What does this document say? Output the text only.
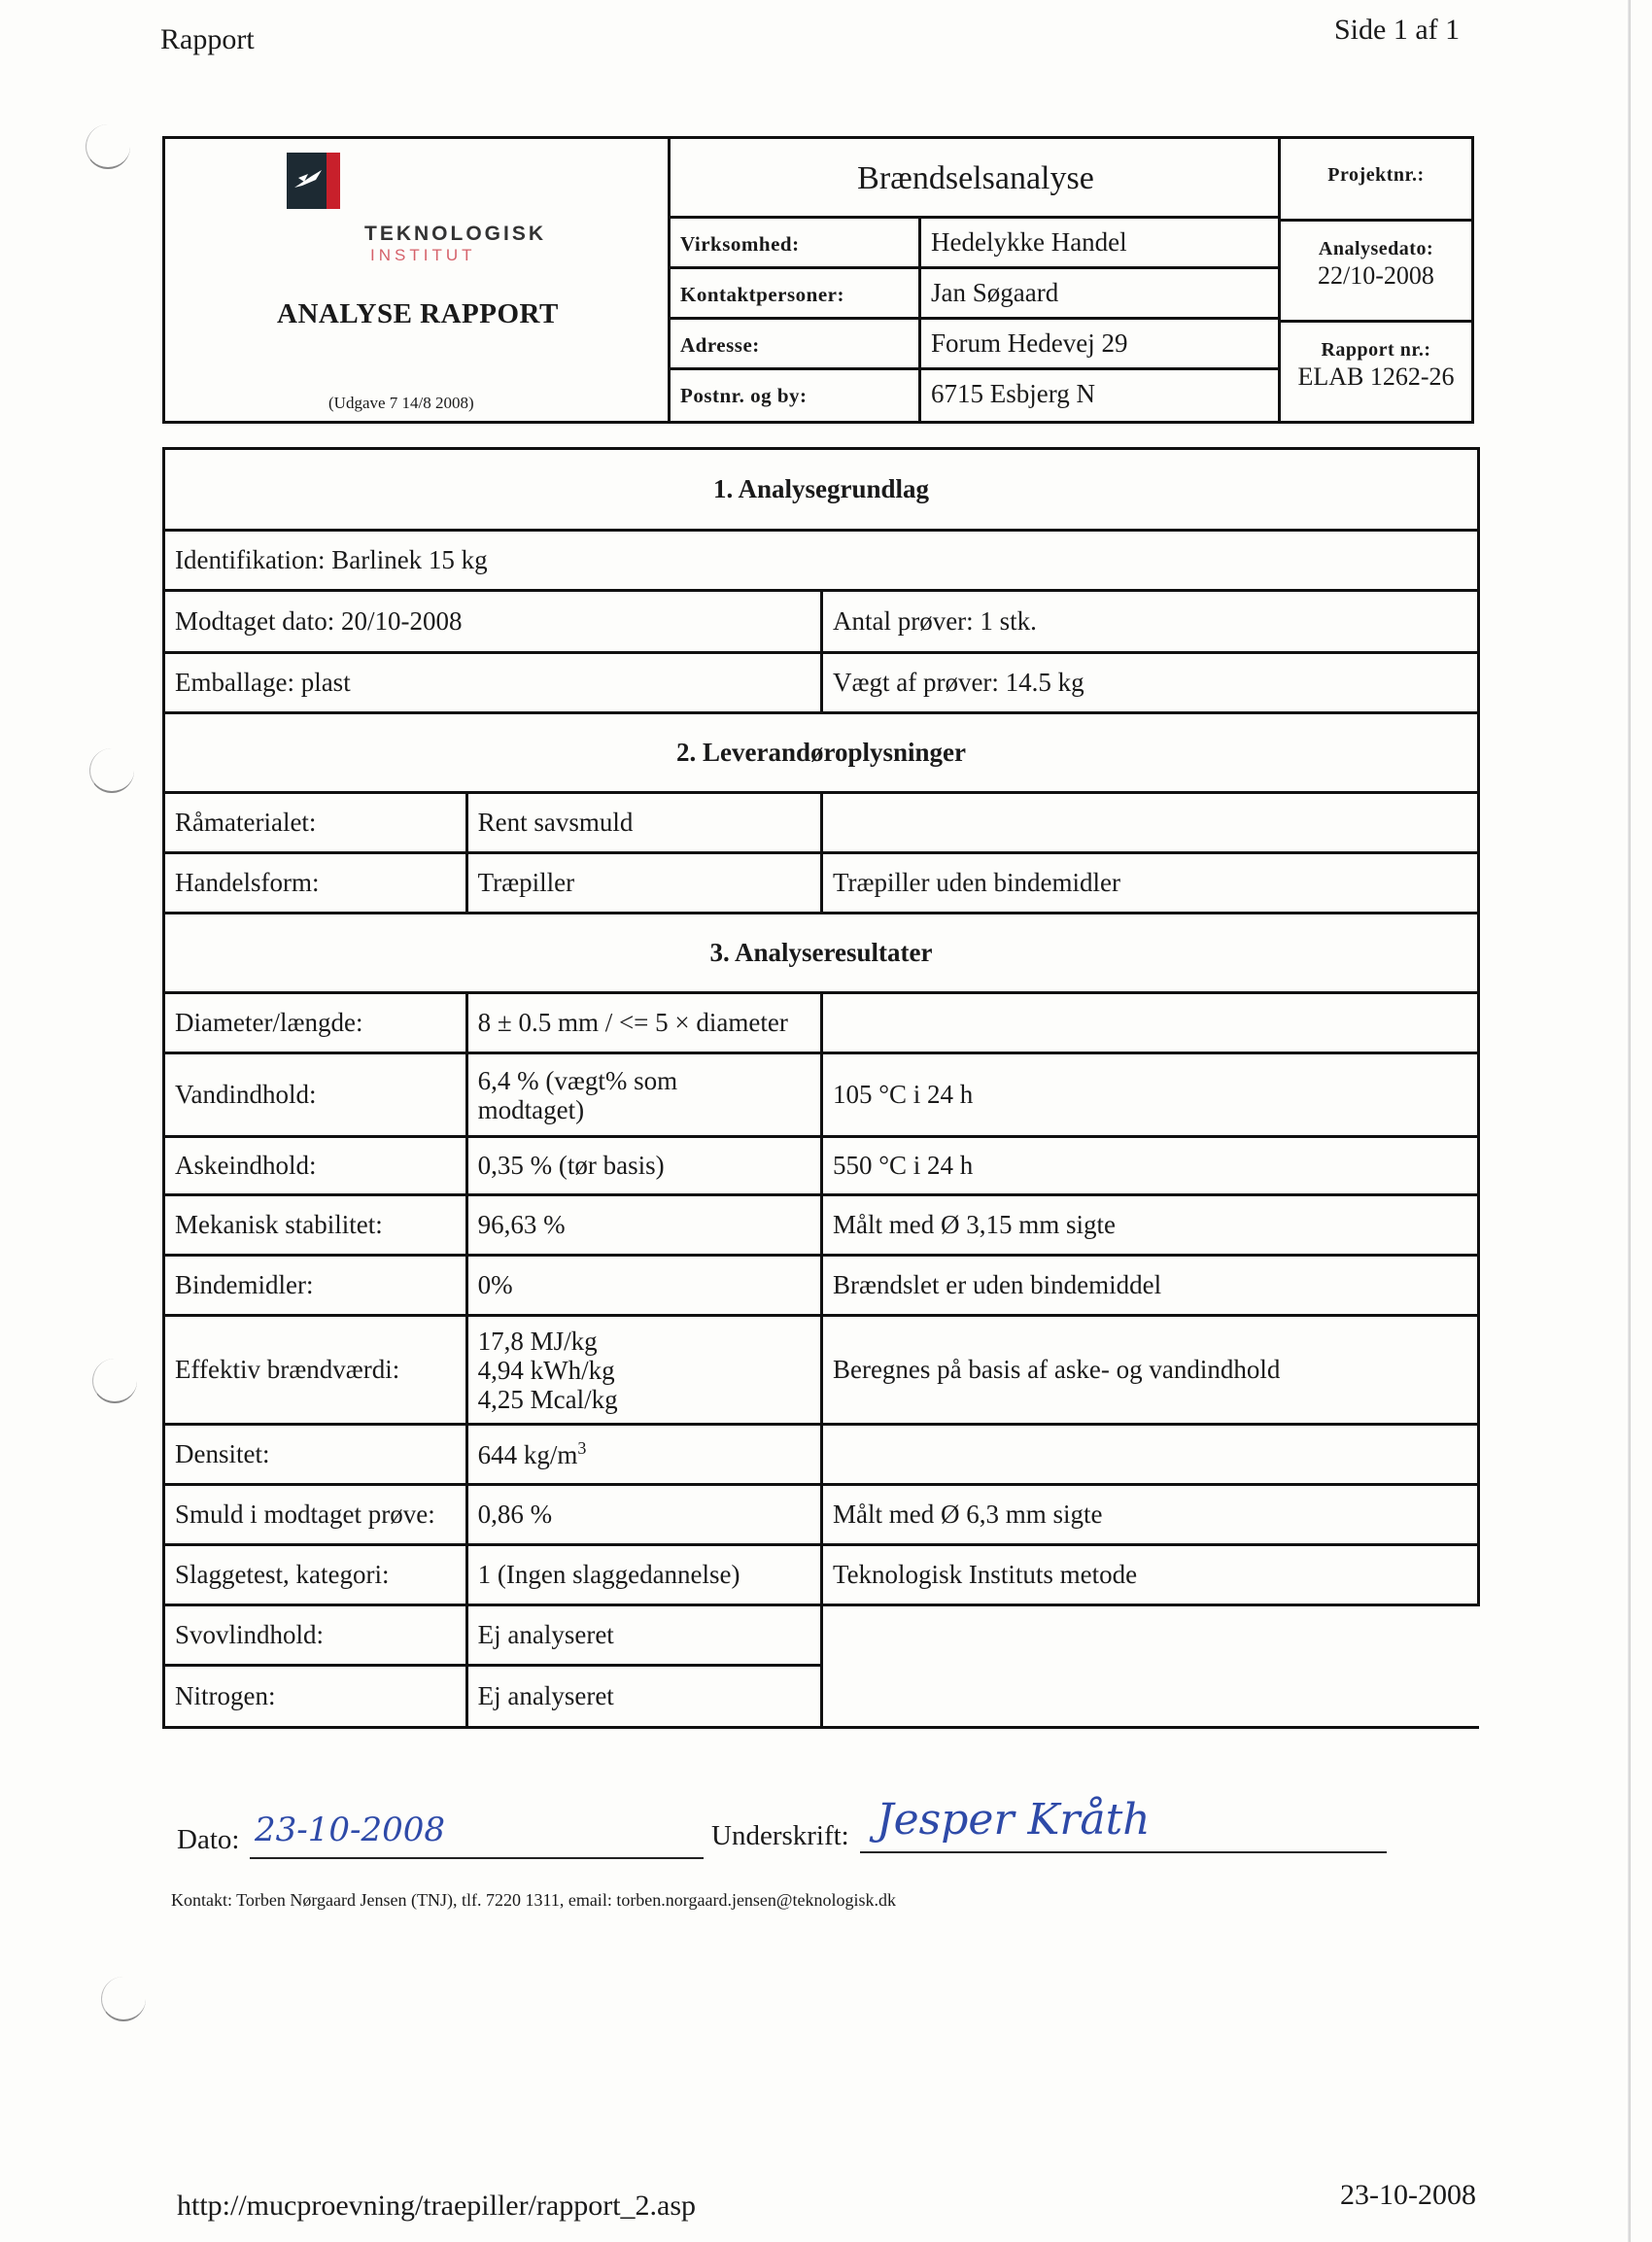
Rapport	Side 1 af 1
TEKNOLOGISK
INSTITUT
ANALYSE RAPPORT
(Udgave 7 14/8 2008)
Brændselsanalyse
Virksomhed:	Hedelykke Handel
Kontaktpersoner:	Jan Søgaard
Adresse:	Forum Hedevej 29
Postnr. og by:	6715 Esbjerg N
Projektnr.:
Analysedato:
22/10-2008
Rapport nr.:
ELAB 1262-26
1. Analysegrundlag		
Identifikation: Barlinek 15 kg		
Modtaget dato: 20/10-2008		Antal prøver: 1 stk.
Emballage: plast		Vægt af prøver: 14.5 kg
2. Leverandøroplysninger		
Råmaterialet:	Rent savsmuld	
Handelsform:	Træpiller	Træpiller uden bindemidler
3. Analyseresultater		
Diameter/længde:	8 ± 0.5 mm / <= 5 × diameter	
Vandindhold:	6,4 % (vægt% som
modtaget)	105 °C i 24 h
Askeindhold:	0,35 % (tør basis)	550 °C i 24 h
Mekanisk stabilitet:	96,63 %	Målt med Ø 3,15 mm sigte
Bindemidler:	0%	Brændslet er uden bindemiddel
Effektiv brændværdi:	17,8 MJ/kg
4,94 kWh/kg
4,25 Mcal/kg	Beregnes på basis af aske- og vandindhold
Densitet:	644 $kg/m^3$	
Smuld i modtaget prøve:	0,86 %	Målt med Ø 6,3 mm sigte
Slaggetest, kategori:	1 (Ingen slaggedannelse)	Teknologisk Instituts metode
Svovlindhold:	Ej analyseret	
Nitrogen:	Ej analyseret	
Dato: 23-10-2008	Underskrift: Jesper Kråth
Kontakt: Torben Nørgaard Jensen (TNJ), tlf. 7220 1311, email: torben.norgaard.jensen@teknologisk.dk
http://mucproevning/traepiller/rapport_2.asp	23-10-2008
